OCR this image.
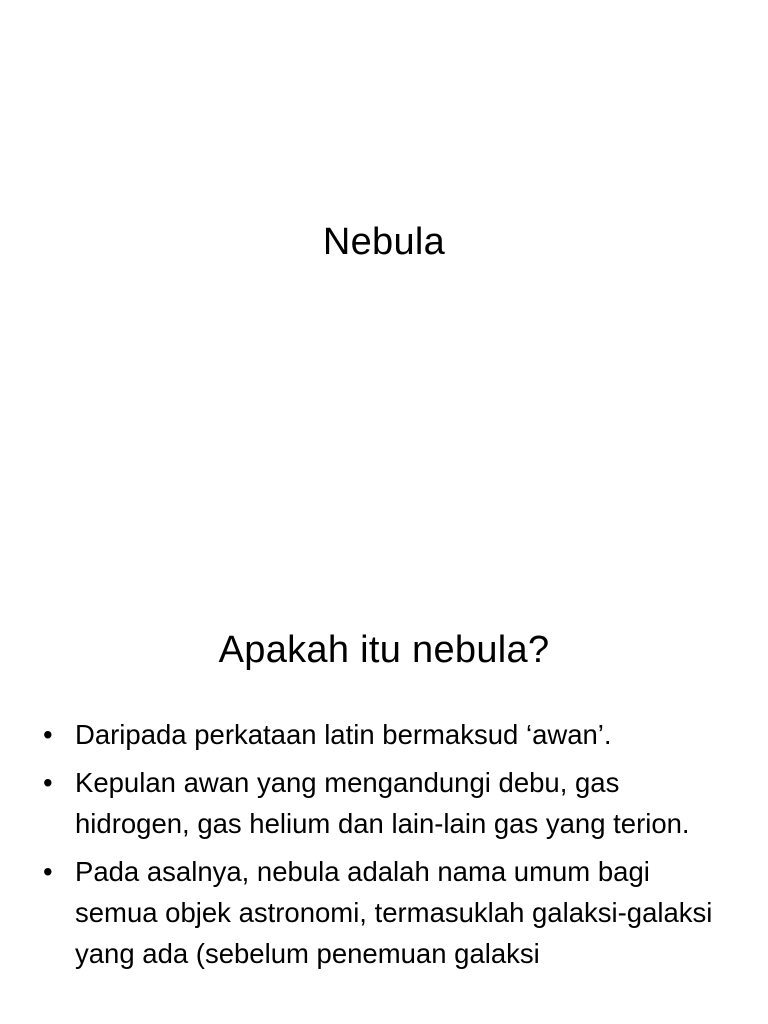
Nebula
Apakah itu nebula?
• Daripada perkataan latin bermaksud ‘awan’.
• Kepulan awan yang mengandungi debu, gas hidrogen, gas helium dan lain-lain gas yang terion.
• Pada asalnya, nebula adalah nama umum bagi semua objek astronomi, termasuklah galaksi-galaksi yang ada (sebelum penemuan galaksi
